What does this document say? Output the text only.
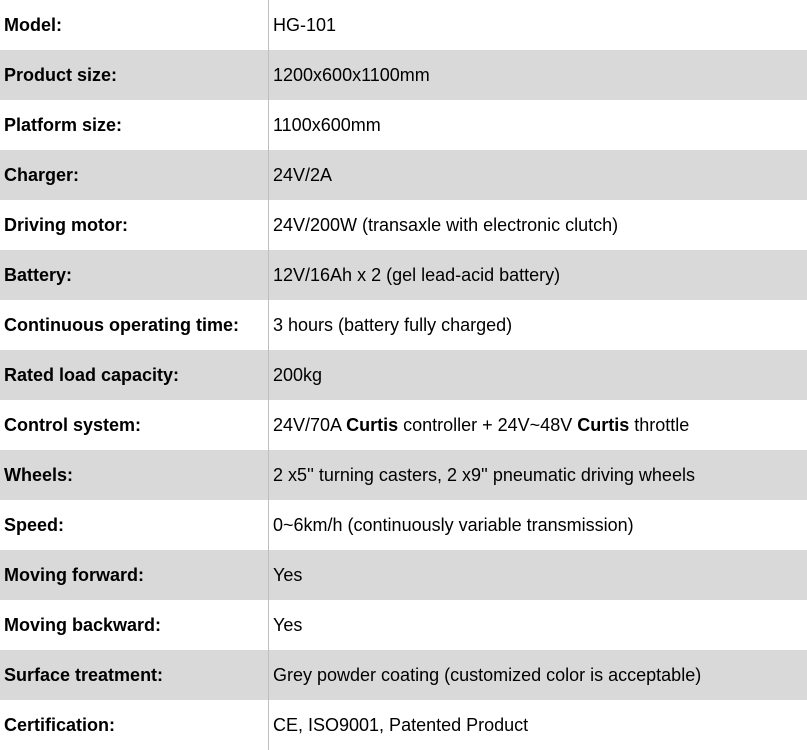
Model:	HG-101
Product size:	1200x600x1100mm
Platform size:	1100x600mm
Charger:	24V/2A
Driving motor:	24V/200W (transaxle with electronic clutch)
Battery:	12V/16Ah x 2 (gel lead-acid battery)
Continuous operating time:	3 hours (battery fully charged)
Rated load capacity:	200kg
Control system:	24V/70A Curtis controller + 24V~48V Curtis throttle
Wheels:	2 x5'' turning casters, 2 x9'' pneumatic driving wheels
Speed:	0~6km/h (continuously variable transmission)
Moving forward:	Yes
Moving backward:	Yes
Surface treatment:	Grey powder coating (customized color is acceptable)
Certification:	CE, ISO9001, Patented Product
